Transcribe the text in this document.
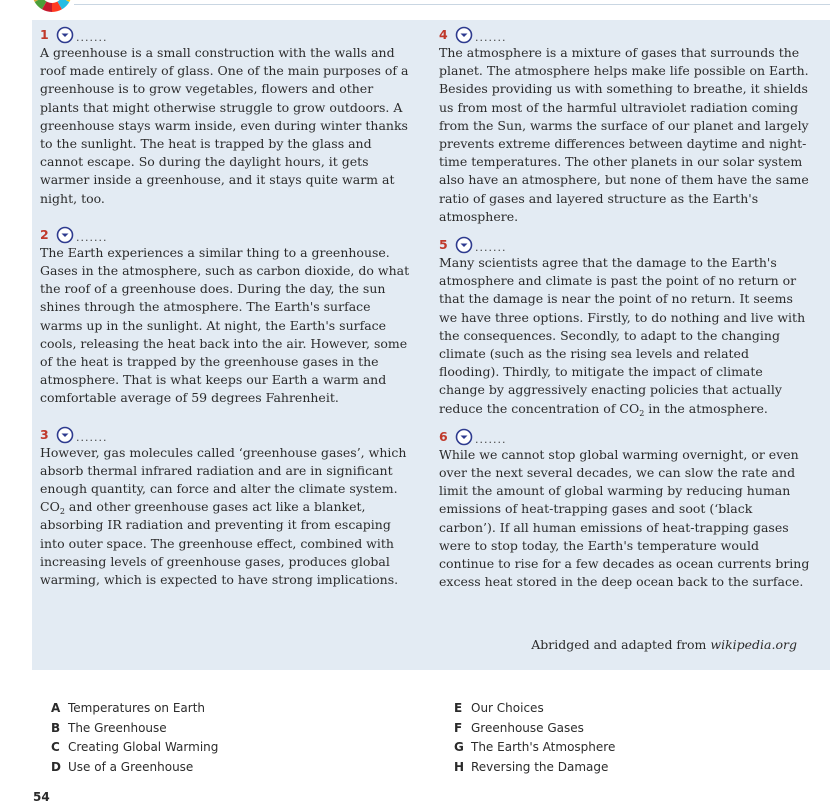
1	.......

A greenhouse is a small construction with the walls and roof made entirely of glass. One of the main purposes of a greenhouse is to grow vegetables, flowers and other plants that might otherwise struggle to grow outdoors. A greenhouse stays warm inside, even during winter thanks to the sunlight. The heat is trapped by the glass and cannot escape. So during the daylight hours, it gets warmer inside a greenhouse, and it stays quite warm at night, too.

2	.......

The Earth experiences a similar thing to a greenhouse. Gases in the atmosphere, such as carbon dioxide, do what the roof of a greenhouse does. During the day, the sun shines through the atmosphere. The Earth's surface warms up in the sunlight. At night, the Earth's surface cools, releasing the heat back into the air. However, some of the heat is trapped by the greenhouse gases in the atmosphere. That is what keeps our Earth a warm and comfortable average of 59 degrees Fahrenheit.

3	.......

However, gas molecules called ‘greenhouse gases’, which absorb thermal infrared radiation and are in significant enough quantity, can force and alter the climate system. $CO_2$ and other greenhouse gases act like a blanket, absorbing IR radiation and preventing it from escaping into outer space. The greenhouse effect, combined with increasing levels of greenhouse gases, produces global warming, which is expected to have strong implications.

4	.......

The atmosphere is a mixture of gases that surrounds the planet. The atmosphere helps make life possible on Earth. Besides providing us with something to breathe, it shields us from most of the harmful ultraviolet radiation coming from the Sun, warms the surface of our planet and largely prevents extreme differences between daytime and night-time temperatures. The other planets in our solar system also have an atmosphere, but none of them have the same ratio of gases and layered structure as the Earth's atmosphere.

5	.......

Many scientists agree that the damage to the Earth's atmosphere and climate is past the point of no return or that the damage is near the point of no return. It seems we have three options. Firstly, to do nothing and live with the consequences. Secondly, to adapt to the changing climate (such as the rising sea levels and related flooding). Thirdly, to mitigate the impact of climate change by aggressively enacting policies that actually reduce the concentration of $CO_2$ in the atmosphere.

6	.......

While we cannot stop global warming overnight, or even over the next several decades, we can slow the rate and limit the amount of global warming by reducing human emissions of heat-trapping gases and soot (‘black carbon’). If all human emissions of heat-trapping gases were to stop today, the Earth's temperature would continue to rise for a few decades as ocean currents bring excess heat stored in the deep ocean back to the surface.

Abridged and adapted from wikipedia.org
A Temperatures on Earth
B The Greenhouse
C Creating Global Warming
D Use of a Greenhouse
E Our Choices
F Greenhouse Gases
G The Earth's Atmosphere
H Reversing the Damage
54
